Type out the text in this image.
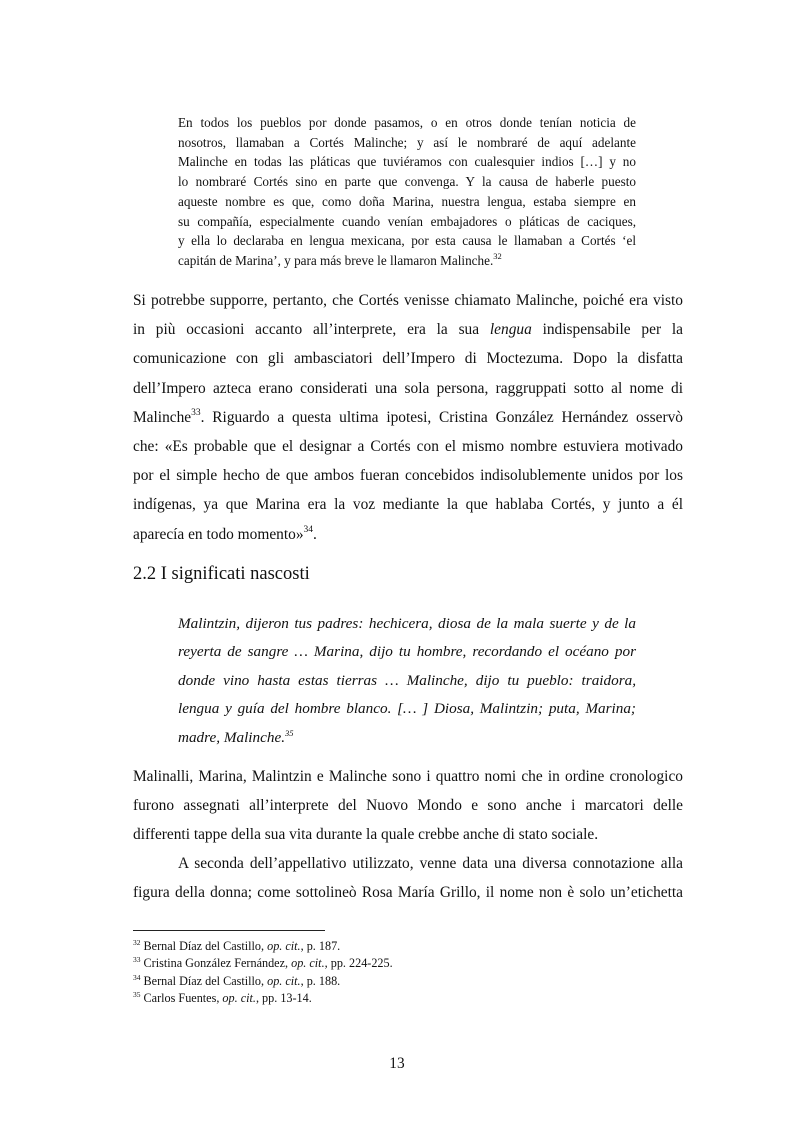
En todos los pueblos por donde pasamos, o en otros donde tenían noticia de
nosotros, llamaban a Cortés Malinche; y así le nombraré de aquí adelante
Malinche en todas las pláticas que tuviéramos con cualesquier indios […] y no
lo nombraré Cortés sino en parte que convenga. Y la causa de haberle puesto
aqueste nombre es que, como doña Marina, nuestra lengua, estaba siempre en
su compañía, especialmente cuando venían embajadores o pláticas de caciques,
y ella lo declaraba en lengua mexicana, por esta causa le llamaban a Cortés ‘el
capitán de Marina’, y para más breve le llamaron Malinche.$^{32}$
Si potrebbe supporre, pertanto, che Cortés venisse chiamato Malinche, poiché era visto
in più occasioni accanto all’interprete, era la sua lengua indispensabile per la
comunicazione con gli ambasciatori dell’Impero di Moctezuma. Dopo la disfatta
dell’Impero azteca erano considerati una sola persona, raggruppati sotto al nome di
Malinche$^{33}$. Riguardo a questa ultima ipotesi, Cristina González Hernández osservò
che: «Es probable que el designar a Cortés con el mismo nombre estuviera motivado
por el simple hecho de que ambos fueran concebidos indisolublemente unidos por los
indígenas, ya que Marina era la voz mediante la que hablaba Cortés, y junto a él
aparecía en todo momento»$^{34}$.
2.2 I significati nascosti
Malintzin, dijeron tus padres: hechicera, diosa de la mala suerte y de la
reyerta de sangre … Marina, dijo tu hombre, recordando el océano por
donde vino hasta estas tierras … Malinche, dijo tu pueblo: traidora,
lengua y guía del hombre blanco. [… ] Diosa, Malintzin; puta, Marina;
madre, Malinche.$^{35}$
Malinalli, Marina, Malintzin e Malinche sono i quattro nomi che in ordine cronologico
furono assegnati all’interprete del Nuovo Mondo e sono anche i marcatori delle
differenti tappe della sua vita durante la quale crebbe anche di stato sociale.
A seconda dell’appellativo utilizzato, venne data una diversa connotazione alla
figura della donna; come sottolineò Rosa María Grillo, il nome non è solo un’etichetta
$^{32}$ Bernal Díaz del Castillo, op. cit., p. 187.
$^{33}$ Cristina González Fernández, op. cit., pp. 224-225.
$^{34}$ Bernal Díaz del Castillo, op. cit., p. 188.
$^{35}$ Carlos Fuentes, op. cit., pp. 13-14.
13
